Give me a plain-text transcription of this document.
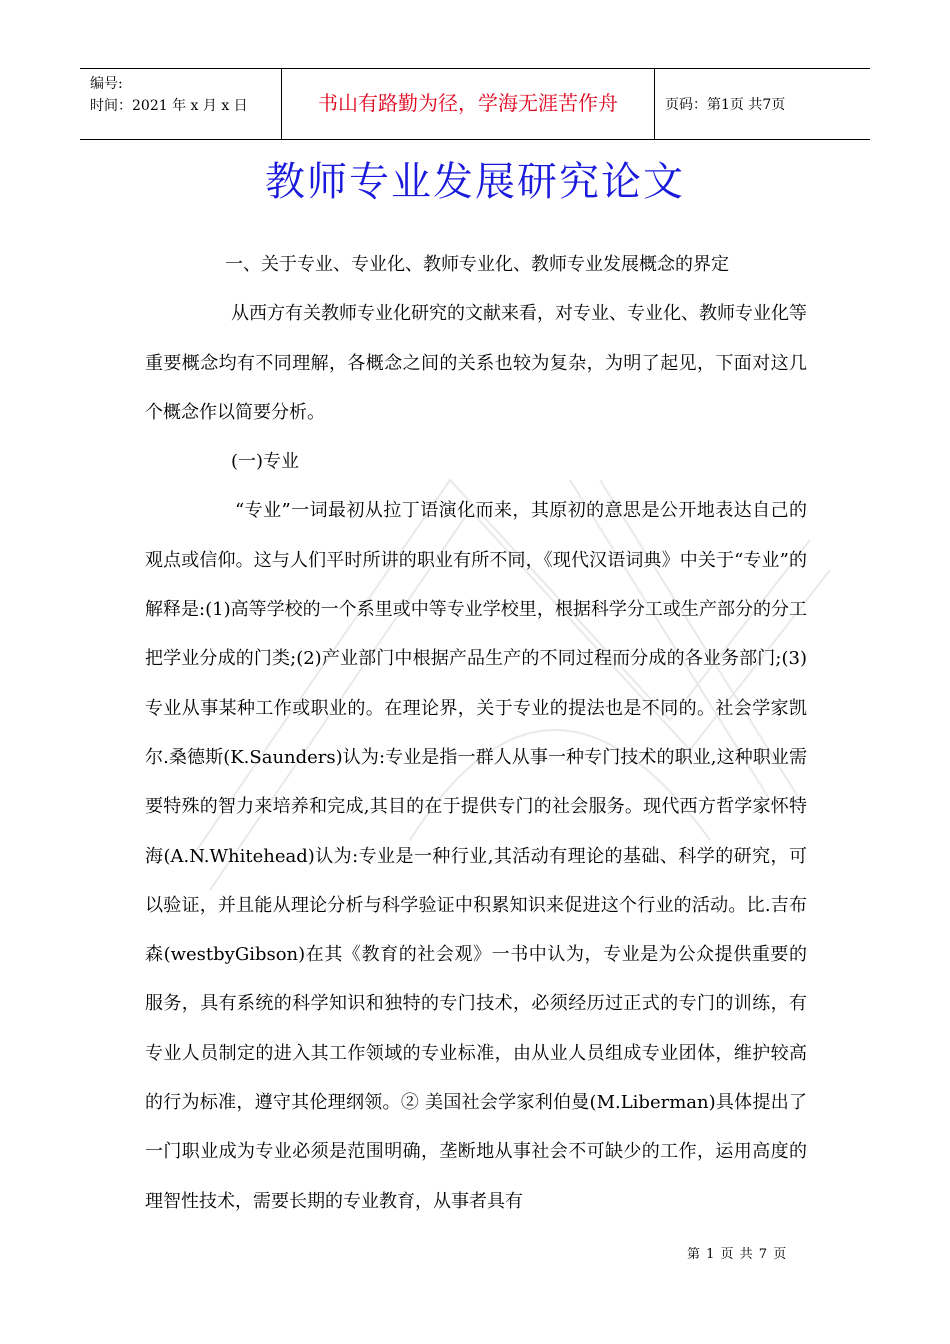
编号:
时间：2021 年 x 月 x 日	书山有路勤为径，学海无涯苦作舟	页码：第1页 共7页
教师专业发展研究论文

一、关于专业、专业化、教师专业化、教师专业发展概念的界定

从西方有关教师专业化研究的文献来看，对专业、专业化、教师专业化等重要概念均有不同理解，各概念之间的关系也较为复杂，为明了起见，下面对这几个概念作以简要分析。

(一)专业

“专业”一词最初从拉丁语演化而来，其原初的意思是公开地表达自己的观点或信仰。这与人们平时所讲的职业有所不同，《现代汉语词典》中关于“专业”的解释是:(1)高等学校的一个系里或中等专业学校里，根据科学分工或生产部分的分工把学业分成的门类;(2)产业部门中根据产品生产的不同过程而分成的各业务部门;(3)专业从事某种工作或职业的。在理论界，关于专业的提法也是不同的。社会学家凯尔.桑德斯(K.Saunders)认为:专业是指一群人从事一种专门技术的职业,这种职业需要特殊的智力来培养和完成,其目的在于提供专门的社会服务。现代西方哲学家怀特海(A.N.Whitehead)认为:专业是一种行业,其活动有理论的基础、科学的研究，可以验证，并且能从理论分析与科学验证中积累知识来促进这个行业的活动。比.吉布森(westbyGibson)在其《教育的社会观》一书中认为，专业是为公众提供重要的服务，具有系统的科学知识和独特的专门技术，必须经历过正式的专门的训练，有专业人员制定的进入其工作领域的专业标准，由从业人员组成专业团体，维护较高的行为标准，遵守其伦理纲领。② 美国社会学家利伯曼(M.Liberman)具体提出了一门职业成为专业必须是范围明确，垄断地从事社会不可缺少的工作，运用高度的理智性技术，需要长期的专业教育，从事者具有

第 1 页 共 7 页
